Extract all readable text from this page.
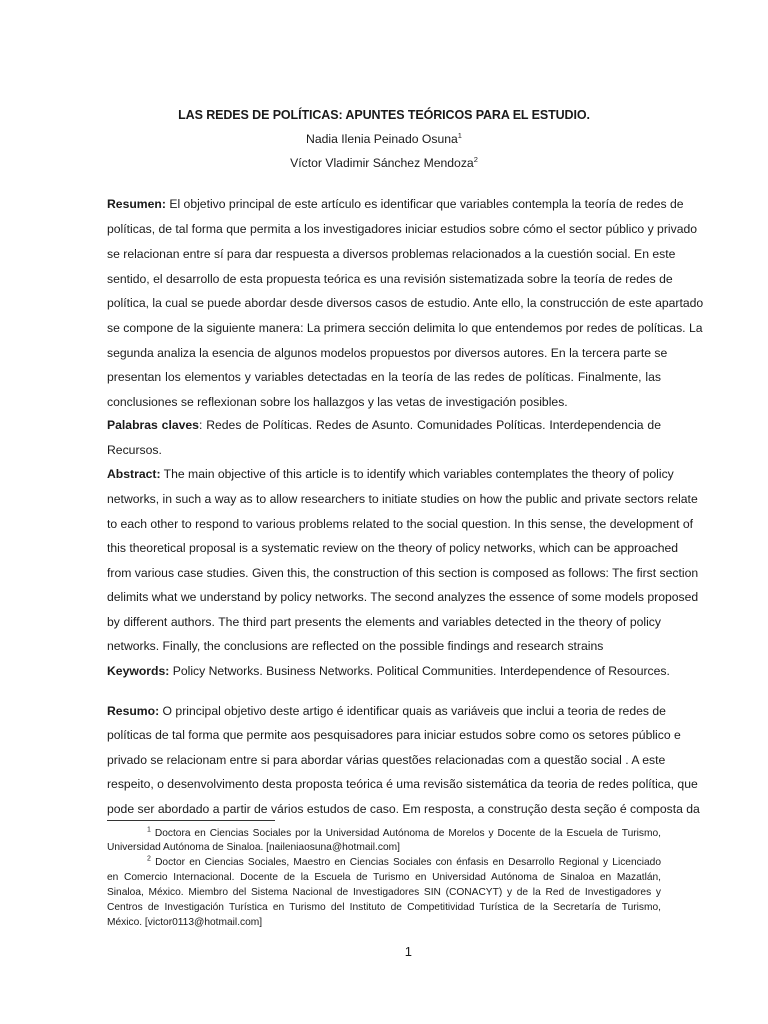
LAS REDES DE POLÍTICAS: APUNTES TEÓRICOS PARA EL ESTUDIO.
Nadia Ilenia Peinado Osuna$^1$
Víctor Vladimir Sánchez Mendoza$^2$
Resumen: El objetivo principal de este artículo es identificar que variables contempla la teoría de redes de
políticas, de tal forma que permita a los investigadores iniciar estudios sobre cómo el sector público y privado
se relacionan entre sí para dar respuesta a diversos problemas relacionados a la cuestión social. En este
sentido, el desarrollo de esta propuesta teórica es una revisión sistematizada sobre la teoría de redes de
política, la cual se puede abordar desde diversos casos de estudio. Ante ello, la construcción de este apartado
se compone de la siguiente manera: La primera sección delimita lo que entendemos por redes de políticas. La
segunda analiza la esencia de algunos modelos propuestos por diversos autores. En la tercera parte se
presentan los elementos y variables detectadas en la teoría de las redes de políticas. Finalmente, las
conclusiones se reflexionan sobre los hallazgos y las vetas de investigación posibles.
Palabras claves: Redes de Políticas. Redes de Asunto. Comunidades Políticas. Interdependencia de
Recursos.
Abstract: The main objective of this article is to identify which variables contemplates the theory of policy
networks, in such a way as to allow researchers to initiate studies on how the public and private sectors relate
to each other to respond to various problems related to the social question. In this sense, the development of
this theoretical proposal is a systematic review on the theory of policy networks, which can be approached
from various case studies. Given this, the construction of this section is composed as follows: The first section
delimits what we understand by policy networks. The second analyzes the essence of some models proposed
by different authors. The third part presents the elements and variables detected in the theory of policy
networks. Finally, the conclusions are reflected on the possible findings and research strains
Keywords: Policy Networks. Business Networks. Political Communities. Interdependence of Resources.
Resumo: O principal objetivo deste artigo é identificar quais as variáveis que inclui a teoria de redes de
políticas de tal forma que permite aos pesquisadores para iniciar estudos sobre como os setores público e
privado se relacionam entre si para abordar várias questões relacionadas com a questão social . A este
respeito, o desenvolvimento desta proposta teórica é uma revisão sistemática da teoria de redes política, que
pode ser abordado a partir de vários estudos de caso. Em resposta, a construção desta seção é composta da
$^1$ Doctora en Ciencias Sociales por la Universidad Autónoma de Morelos y Docente de la Escuela de Turismo,
Universidad Autónoma de Sinaloa. [naileniaosuna@hotmail.com]
$^2$ Doctor en Ciencias Sociales, Maestro en Ciencias Sociales con énfasis en Desarrollo Regional y Licenciado
en Comercio Internacional. Docente de la Escuela de Turismo en Universidad Autónoma de Sinaloa en Mazatlán,
Sinaloa, México. Miembro del Sistema Nacional de Investigadores SIN (CONACYT) y de la Red de Investigadores y
Centros de Investigación Turística en Turismo del Instituto de Competitividad Turística de la Secretaría de Turismo,
México. [victor0113@hotmail.com]
1
